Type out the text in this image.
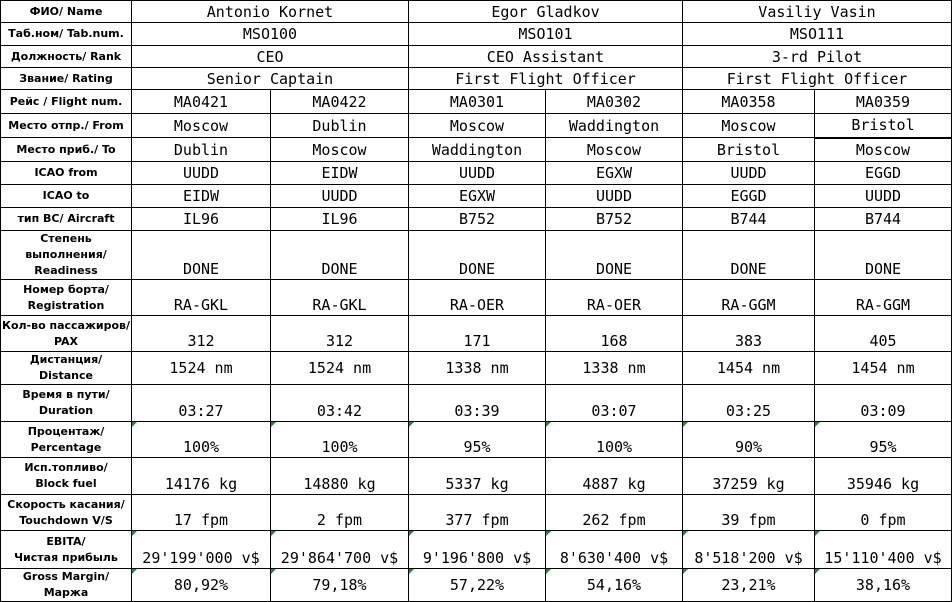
ФИО/ Name	Antonio Kornet		Egor Gladkov		Vasiliy Vasin	
Таб.ном/ Tab.num.	MSO100		MSO101		MSO111	
Должность/ Rank	CEO		CEO Assistant		3-rd Pilot	
Звание/ Rating	Senior Captain		First Flight Officer		First Flight Officer	
Рейс / Flight num.	MA0421	MA0422	MA0301	MA0302	MA0358	MA0359
Место отпр./ From	Moscow	Dublin	Moscow	Waddington	Moscow	Bristol
Место приб./ To	Dublin	Moscow	Waddington	Moscow	Bristol	Moscow
ICAO from	UUDD	EIDW	UUDD	EGXW	UUDD	EGGD
ICAO to	EIDW	UUDD	EGXW	UUDD	EGGD	UUDD
тип ВС/ Aircraft	IL96	IL96	B752	B752	B744	B744

Степень выполнения/
Readiness	DONE	DONE	DONE	DONE	DONE	DONE

Номер борта/
Registration	RA-GKL	RA-GKL	RA-OER	RA-OER	RA-GGM	RA-GGM

Кол-во пассажиров/
PAX	312	312	171	168	383	405
Дистанция/ Distance	1524 nm	1524 nm	1338 nm	1338 nm	1454 nm	1454 nm

Время в пути/
Duration	03:27	03:42	03:39	03:07	03:25	03:09

Процентаж/
Percentage	100%	100%	95%	100%	90%	95%

Исп.топливо/
Block fuel	14176 kg	14880 kg	5337 kg	4887 kg	37259 kg	35946 kg

Скорость касания/
Touchdown V/S	17 fpm	2 fpm	377 fpm	262 fpm	39 fpm	0 fpm

EBITA/
Чистая прибыль	29'199'000 v$	29'864'700 v$	9'196'800 v$	8'630'400 v$	8'518'200 v$	15'110'400 v$
Gross Margin/ Маржа	80,92%	79,18%	57,22%	54,16%	23,21%	38,16%
